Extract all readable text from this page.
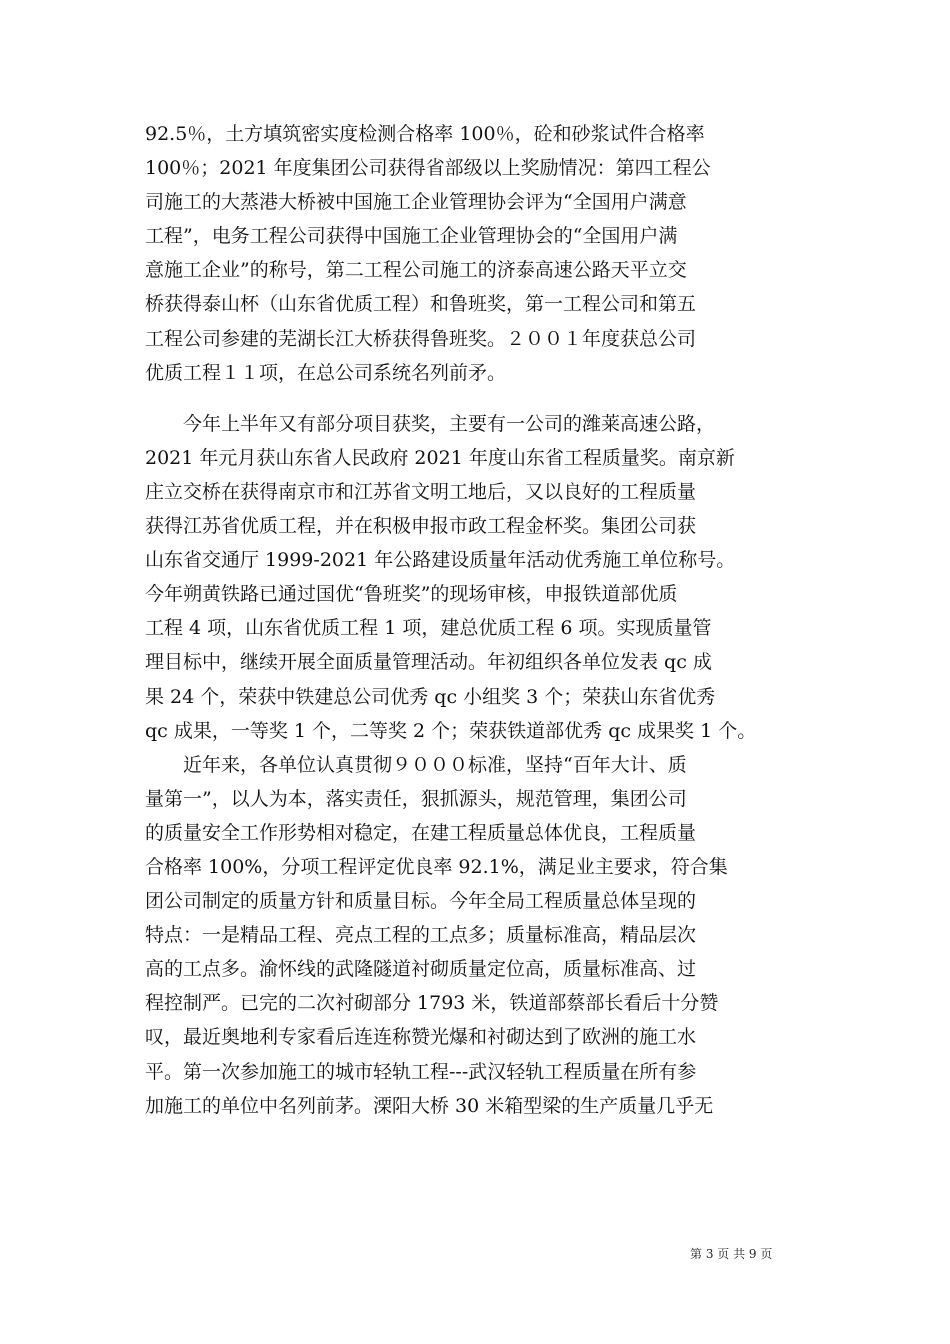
92.5％，土方填筑密实度检测合格率 100％，砼和砂浆试件合格率
100％；2021 年度集团公司获得省部级以上奖励情况：第四工程公
司施工的大蒸港大桥被中国施工企业管理协会评为“全国用户满意
工程”，电务工程公司获得中国施工企业管理协会的“全国用户满
意施工企业”的称号，第二工程公司施工的济泰高速公路天平立交
桥获得泰山杯（山东省优质工程）和鲁班奖，第一工程公司和第五
工程公司参建的芜湖长江大桥获得鲁班奖。２００１年度获总公司
优质工程１１项，在总公司系统名列前矛。
　　今年上半年又有部分项目获奖，主要有一公司的潍莱高速公路，
2021 年元月获山东省人民政府 2021 年度山东省工程质量奖。南京新
庄立交桥在获得南京市和江苏省文明工地后，又以良好的工程质量
获得江苏省优质工程，并在积极申报市政工程金杯奖。集团公司获
山东省交通厅 1999-2021 年公路建设质量年活动优秀施工单位称号。
今年朔黄铁路已通过国优“鲁班奖”的现场审核，申报铁道部优质
工程 4 项，山东省优质工程 1 项，建总优质工程 6 项。实现质量管
理目标中，继续开展全面质量管理活动。年初组织各单位发表 qc 成
果 24 个，荣获中铁建总公司优秀 qc 小组奖 3 个；荣获山东省优秀
qc 成果，一等奖 1 个，二等奖 2 个；荣获铁道部优秀 qc 成果奖 1 个。
　　近年来，各单位认真贯彻９０００标准，坚持“百年大计、质
量第一”，以人为本，落实责任，狠抓源头，规范管理，集团公司
的质量安全工作形势相对稳定，在建工程质量总体优良，工程质量
合格率 100%，分项工程评定优良率 92.1%，满足业主要求，符合集
团公司制定的质量方针和质量目标。今年全局工程质量总体呈现的
特点：一是精品工程、亮点工程的工点多；质量标准高，精品层次
高的工点多。渝怀线的武隆隧道衬砌质量定位高，质量标准高、过
程控制严。已完的二次衬砌部分 1793 米，铁道部蔡部长看后十分赞
叹，最近奥地利专家看后连连称赞光爆和衬砌达到了欧洲的施工水
平。第一次参加施工的城市轻轨工程---武汉轻轨工程质量在所有参
加施工的单位中名列前茅。溧阳大桥 30 米箱型梁的生产质量几乎无
第 3 页 共 9 页
